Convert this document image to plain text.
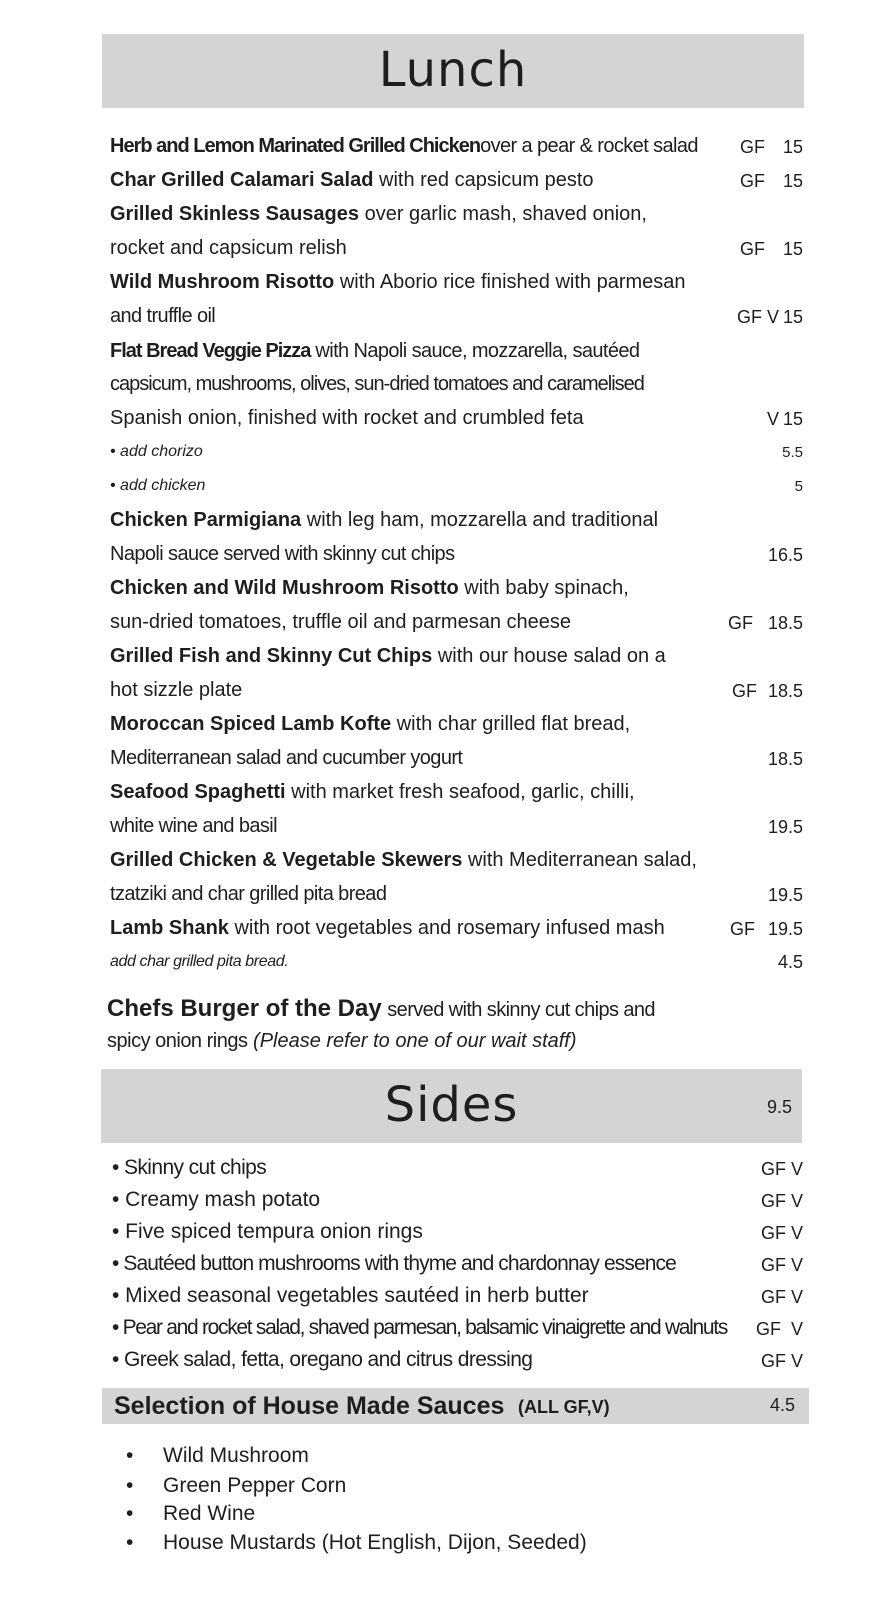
Lunch
Herb and Lemon Marinated Grilled Chickenover a pear & rocket salad GF 15
Char Grilled Calamari Salad with red capsicum pesto	GF 15
Grilled Skinless Sausages over garlic mash, shaved onion,
rocket and capsicum relish	GF 15
Wild Mushroom Risotto with Aborio rice finished with parmesan
and truffle oil	GF V 15
Flat Bread Veggie Pizza with Napoli sauce, mozzarella, sautéed
capsicum, mushrooms, olives, sun-dried tomatoes and caramelised
Spanish onion, finished with rocket and crumbled feta	V 15
• add chorizo	5.5
• add chicken	5
Chicken Parmigiana with leg ham, mozzarella and traditional
Napoli sauce served with skinny cut chips	16.5
Chicken and Wild Mushroom Risotto with baby spinach,
sun-dried tomatoes, truffle oil and parmesan cheese	GF 18.5
Grilled Fish and Skinny Cut Chips with our house salad on a
hot sizzle plate	GF 18.5
Moroccan Spiced Lamb Kofte with char grilled flat bread,
Mediterranean salad and cucumber yogurt	18.5
Seafood Spaghetti with market fresh seafood, garlic, chilli,
white wine and basil	19.5
Grilled Chicken & Vegetable Skewers with Mediterranean salad,
tzatziki and char grilled pita bread	19.5
Lamb Shank with root vegetables and rosemary infused mash	GF 19.5
add char grilled pita bread.	4.5
Chefs Burger of the Day served with skinny cut chips and
spicy onion rings (Please refer to one of our wait staff)
Sides	9.5
• Skinny cut chips	GF V
• Creamy mash potato	GF V
• Five spiced tempura onion rings	GF V
• Sautéed button mushrooms with thyme and chardonnay essence	GF V
• Mixed seasonal vegetables sautéed in herb butter	GF V
• Pear and rocket salad, shaved parmesan, balsamic vinaigrette and walnuts GF  V
• Greek salad, fetta, oregano and citrus dressing	GF V
Selection of House Made Sauces (ALL GF,V)	4.5
• Wild Mushroom
• Green Pepper Corn
• Red Wine
• House Mustards (Hot English, Dijon, Seeded)
